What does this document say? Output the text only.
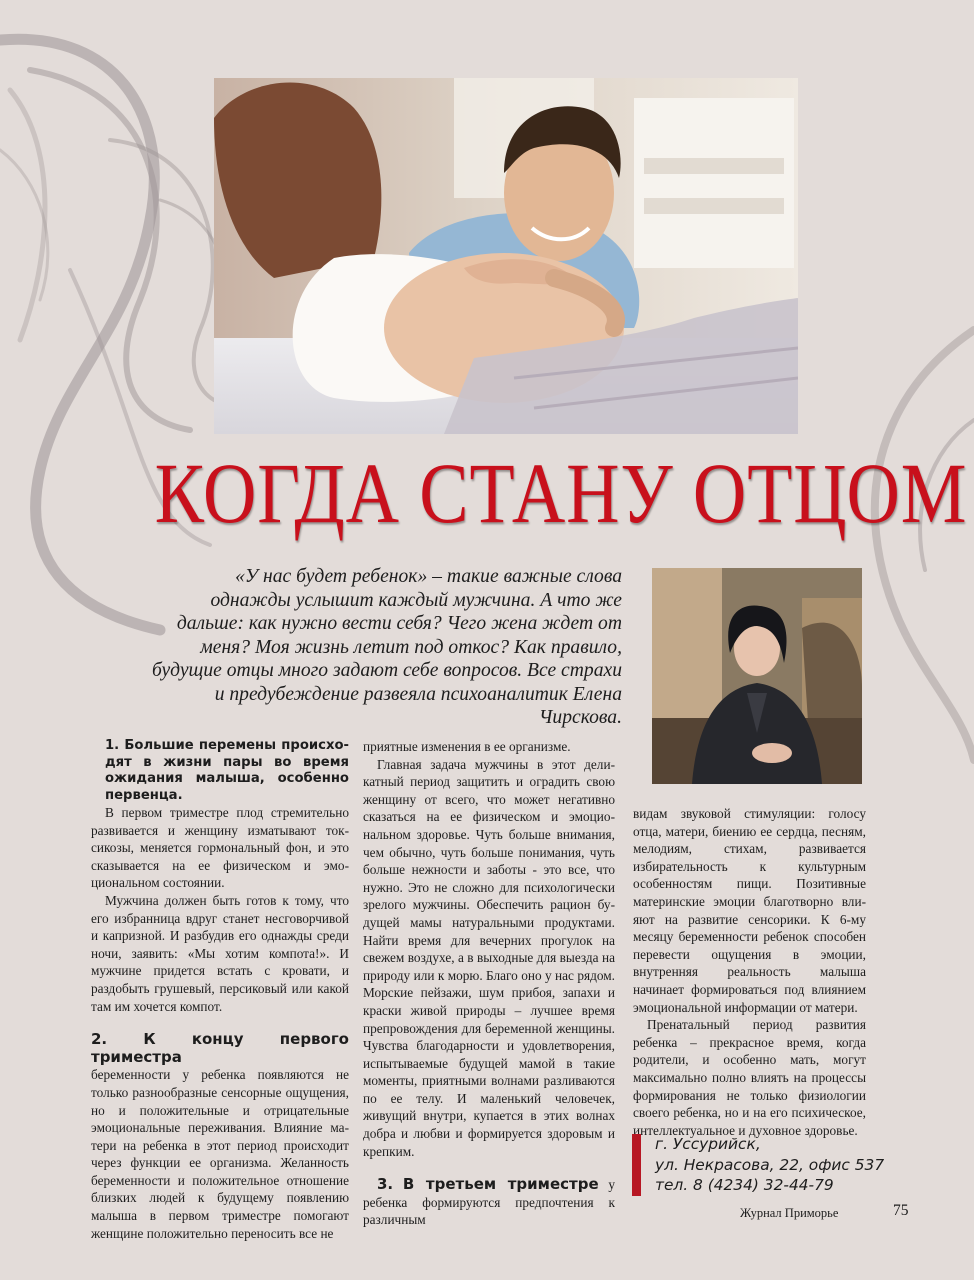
КОГДА СТАНУ ОТЦОМ

«У нас будет ребенок» – такие важные слова однажды услышит каждый мужчина. А что же дальше: как нужно вести себя? Чего жена ждет от меня? Моя жизнь летит под откос? Как правило, будущие отцы много задают себе вопросов. Все страхи и предубеждение развеяла психоаналитик Елена Чирскова.

1. Большие перемены происходят в жизни пары во время ожидания малыша, особенно первенца.

В первом триместре плод стремительно развивается и женщину изматывают токсикозы, меняется гормональный фон, и это сказывается на ее физическом и эмоциональном состоянии.

Мужчина должен быть готов к тому, что его избранница вдруг станет несговорчивой и капризной. И разбудив его однажды среди ночи, заявить: «Мы хотим компота!». И мужчине придется встать с кровати, и раздобыть грушевый, персиковый или какой там им хочется компот.

2. К концу первого триместра
беременности у ребенка появляются не только разнообразные сенсорные ощущения, но и положительные и отрицательные эмоциональные переживания. Влияние матери на ребенка в этот период происходит через функции ее организма. Желанность беременности и положительное отношение близких людей к будущему появлению малыша в первом триместре помогают женщине положительно переносить все не

приятные изменения в ее организме.

Главная задача мужчины в этот деликатный период защитить и оградить свою женщину от всего, что может негативно сказаться на ее физическом и эмоциональном здоровье. Чуть больше внимания, чем обычно, чуть больше понимания, чуть больше нежности и заботы - это все, что нужно. Это не сложно для психологически зрелого мужчины. Обеспечить рацион будущей мамы натуральными продуктами. Найти время для вечерних прогулок на свежем воздухе, а в выходные для выезда на природу или к морю. Благо оно у нас рядом. Морские пейзажи, шум прибоя, запахи и краски живой природы – лучшее время препровождения для беременной женщины. Чувства благодарности и удовлетворения, испытываемые будущей мамой в такие моменты, приятными волнами разливаются по ее телу. И маленький человечек, живущий внутри, купается в этих волнах добра и любви и формируется здоровым и крепким.

3. В третьем триместре у ребенка формируются предпочтения к различным

видам звуковой стимуляции: голосу отца, матери, биению ее сердца, песням, мелодиям, стихам, развивается избирательность к культурным особенностям пищи. Позитивные материнские эмоции благотворно влияют на развитие сенсорики. К 6-му месяцу беременности ребенок способен перевести ощущения в эмоции, внутренняя реальность малыша начинает формироваться под влиянием эмоциональной информации от матери.

Пренатальный период развития ребенка – прекрасное время, когда родители, и особенно мать, могут максимально полно влиять на процессы формирования не только физиологии своего ребенка, но и на его психическое, интеллектуальное и духовное здоровье.

г. Уссурийск,
ул. Некрасова, 22, офис 537
тел. 8 (4234) 32-44-79
Журнал Приморье	75
